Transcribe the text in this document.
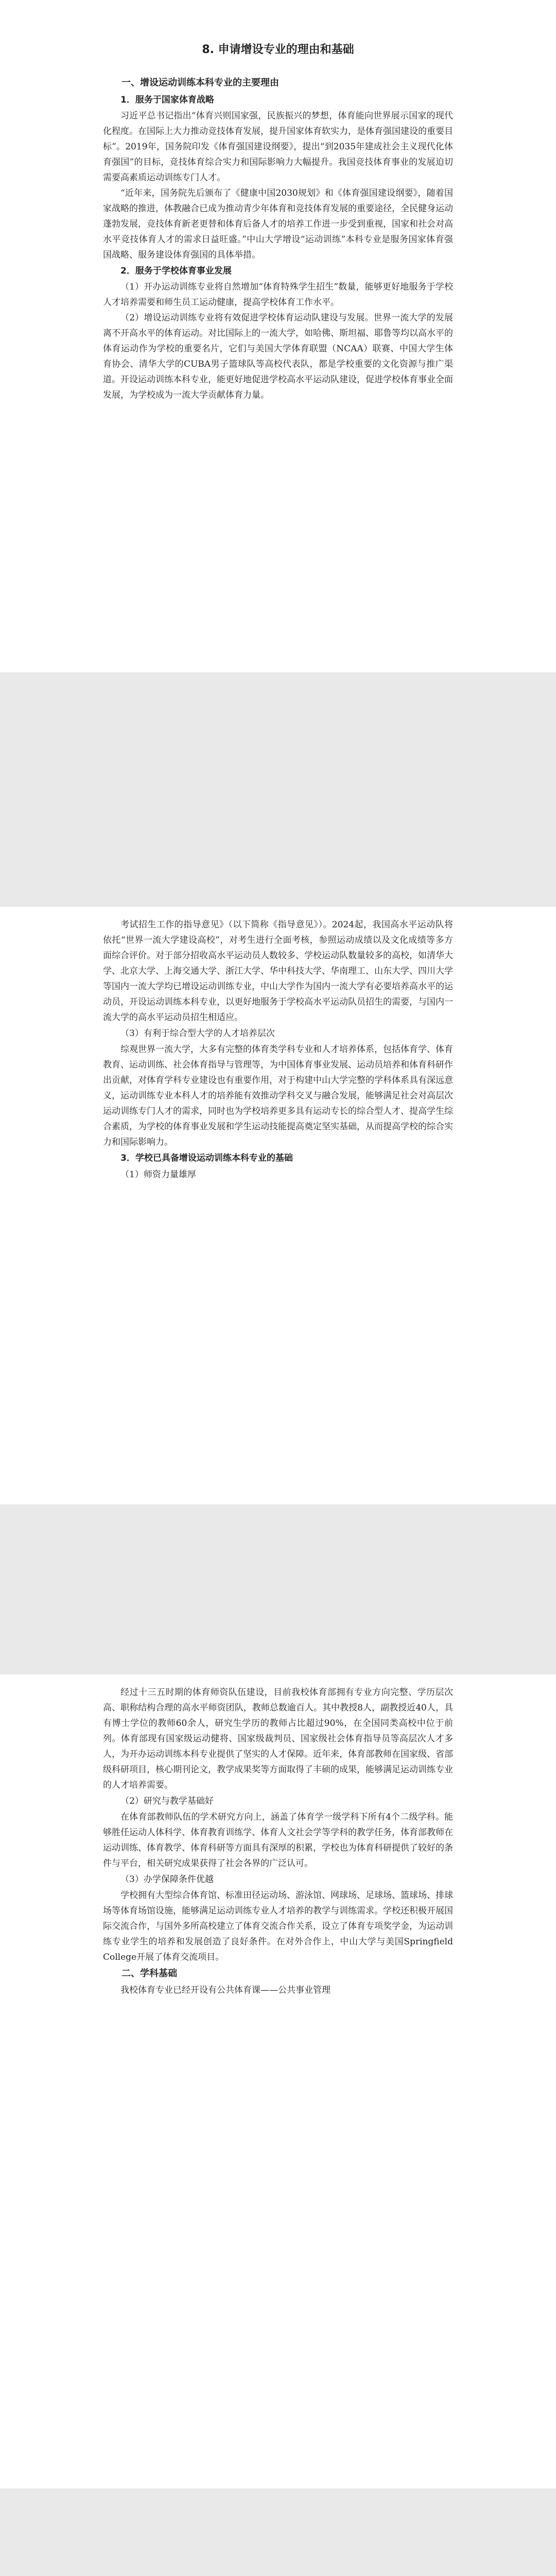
8. 申请增设专业的理由和基础

一、增设运动训练本科专业的主要理由

1．服务于国家体育战略

习近平总书记指出“体育兴则国家强，民族振兴的梦想，体育能向世界展示国家的现代化程度。在国际上大力推动竞技体育发展，提升国家体育软实力，是体育强国建设的重要目标”。2019年，国务院印发《体育强国建设纲要》，提出“到2035年建成社会主义现代化体育强国”的目标，竞技体育综合实力和国际影响力大幅提升。我国竞技体育事业的发展迫切需要高素质运动训练专门人才。

“近年来，国务院先后颁布了《健康中国2030规划》和《体育强国建设纲要》，随着国家战略的推进，体教融合已成为推动青少年体育和竞技体育发展的重要途径，全民健身运动蓬勃发展，竞技体育新老更替和体育后备人才的培养工作进一步受到重视，国家和社会对高水平竞技体育人才的需求日益旺盛。”中山大学增设“运动训练”本科专业是服务国家体育强国战略、服务建设体育强国的具体举措。

2．服务于学校体育事业发展

（1）开办运动训练专业将自然增加“体育特殊学生招生”数量，能够更好地服务于学校人才培养需要和师生员工运动健康，提高学校体育工作水平。

（2）增设运动训练专业将有效促进学校体育运动队建设与发展。世界一流大学的发展离不开高水平的体育运动。对比国际上的一流大学，如哈佛、斯坦福、耶鲁等均以高水平的体育运动作为学校的重要名片，它们与美国大学体育联盟（NCAA）联赛、中国大学生体育协会、清华大学的CUBA男子篮球队等高校代表队，都是学校重要的文化资源与推广渠道。开设运动训练本科专业，能更好地促进学校高水平运动队建设，促进学校体育事业全面发展，为学校成为一流大学贡献体育力量。

考试招生工作的指导意见》（以下简称《指导意见》）。2024起，我国高水平运动队将依托“世界一流大学建设高校”，对考生进行全面考核，参照运动成绩以及文化成绩等多方面综合评价。对于部分招收高水平运动员人数较多、学校运动队数量较多的高校，如清华大学、北京大学、上海交通大学、浙江大学、华中科技大学、华南理工、山东大学、四川大学等国内一流大学均已增设运动训练专业，中山大学作为国内一流大学有必要培养高水平的运动员，开设运动训练本科专业，以更好地服务于学校高水平运动队员招生的需要，与国内一流大学的高水平运动员招生相适应。

（3）有利于综合型大学的人才培养层次

综观世界一流大学，大多有完整的体育类学科专业和人才培养体系，包括体育学、体育教育、运动训练、社会体育指导与管理等，为中国体育事业发展、运动员培养和体育科研作出贡献，对体育学科专业建设也有重要作用，对于构建中山大学完整的学科体系具有深远意义，运动训练专业本科人才的培养能有效推动学科交叉与融合发展，能够满足社会对高层次运动训练专门人才的需求，同时也为学校培养更多具有运动专长的综合型人才、提高学生综合素质，为学校的体育事业发展和学生运动技能提高奠定坚实基础，从而提高学校的综合实力和国际影响力。

3．学校已具备增设运动训练本科专业的基础

（1）师资力量雄厚

经过十三五时期的体育师资队伍建设，目前我校体育部拥有专业方向完整、学历层次高、职称结构合理的高水平师资团队，教师总数逾百人。其中教授8人，副教授近40人，具有博士学位的教师60余人，研究生学历的教师占比超过90%，在全国同类高校中位于前列。体育部现有国家级运动健将、国家级裁判员、国家级社会体育指导员等高层次人才多人，为开办运动训练本科专业提供了坚实的人才保障。近年来，体育部教师在国家级、省部级科研项目，核心期刊论文，教学成果奖等方面取得了丰硕的成果，能够满足运动训练专业的人才培养需要。

（2）研究与教学基础好

在体育部教师队伍的学术研究方向上，涵盖了体育学一级学科下所有4个二级学科。能够胜任运动人体科学、体育教育训练学、体育人文社会学等学科的教学任务，体育部教师在运动训练、体育教学、体育科研等方面具有深厚的积累，学校也为体育科研提供了较好的条件与平台，相关研究成果获得了社会各界的广泛认可。

（3）办学保障条件优越

学校拥有大型综合体育馆、标准田径运动场、游泳馆、网球场、足球场、篮球场、排球场等体育场馆设施，能够满足运动训练专业人才培养的教学与训练需求。学校还积极开展国际交流合作，与国外多所高校建立了体育交流合作关系，设立了体育专项奖学金，为运动训练专业学生的培养和发展创造了良好条件。在对外合作上，中山大学与美国Springfield College开展了体育交流项目。

二、学科基础

我校体育专业已经开设有公共体育课——公共事业管理
